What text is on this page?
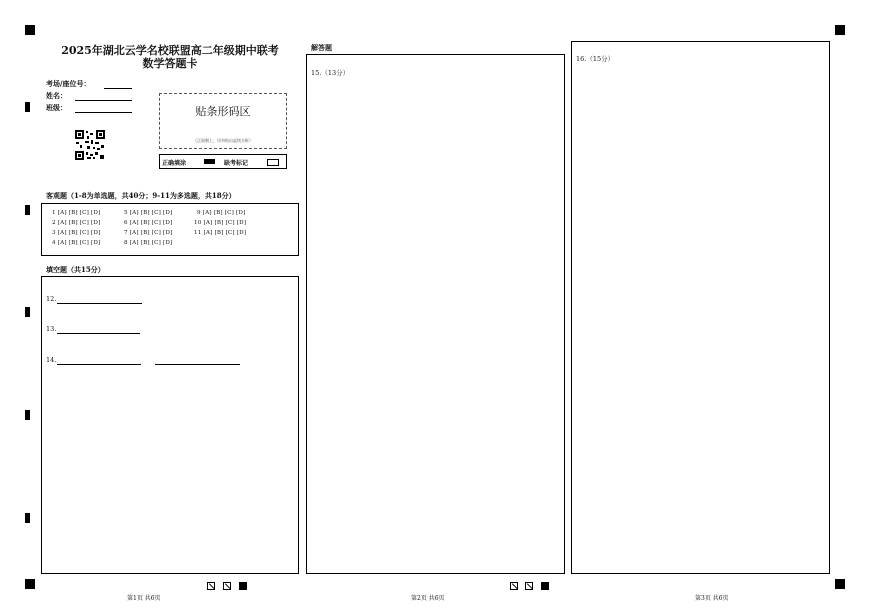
2025年湖北云学名校联盟高二年级期中联考
数学答题卡
考场/座位号：
姓名：
班级：	贴条形码区
（正面朝上，切勿贴出虚线方框）
正确填涂	缺考标记
客观题（1-8为单选题，共40分；9-11为多选题，共18分）
1 [A] [B] [C] [D]
2 [A] [B] [C] [D]
3 [A] [B] [C] [D]
4 [A] [B] [C] [D]
5 [A] [B] [C] [D]
6 [A] [B] [C] [D]
7 [A] [B] [C] [D]
8 [A] [B] [C] [D]
9 [A] [B] [C] [D]
10 [A] [B] [C] [D]
11 [A] [B] [C] [D]
填空题（共15分）
12.
13.
14.
解答题
15.（13分）
16.（15分）
第1页 共6页	第2页 共6页	第3页 共6页
